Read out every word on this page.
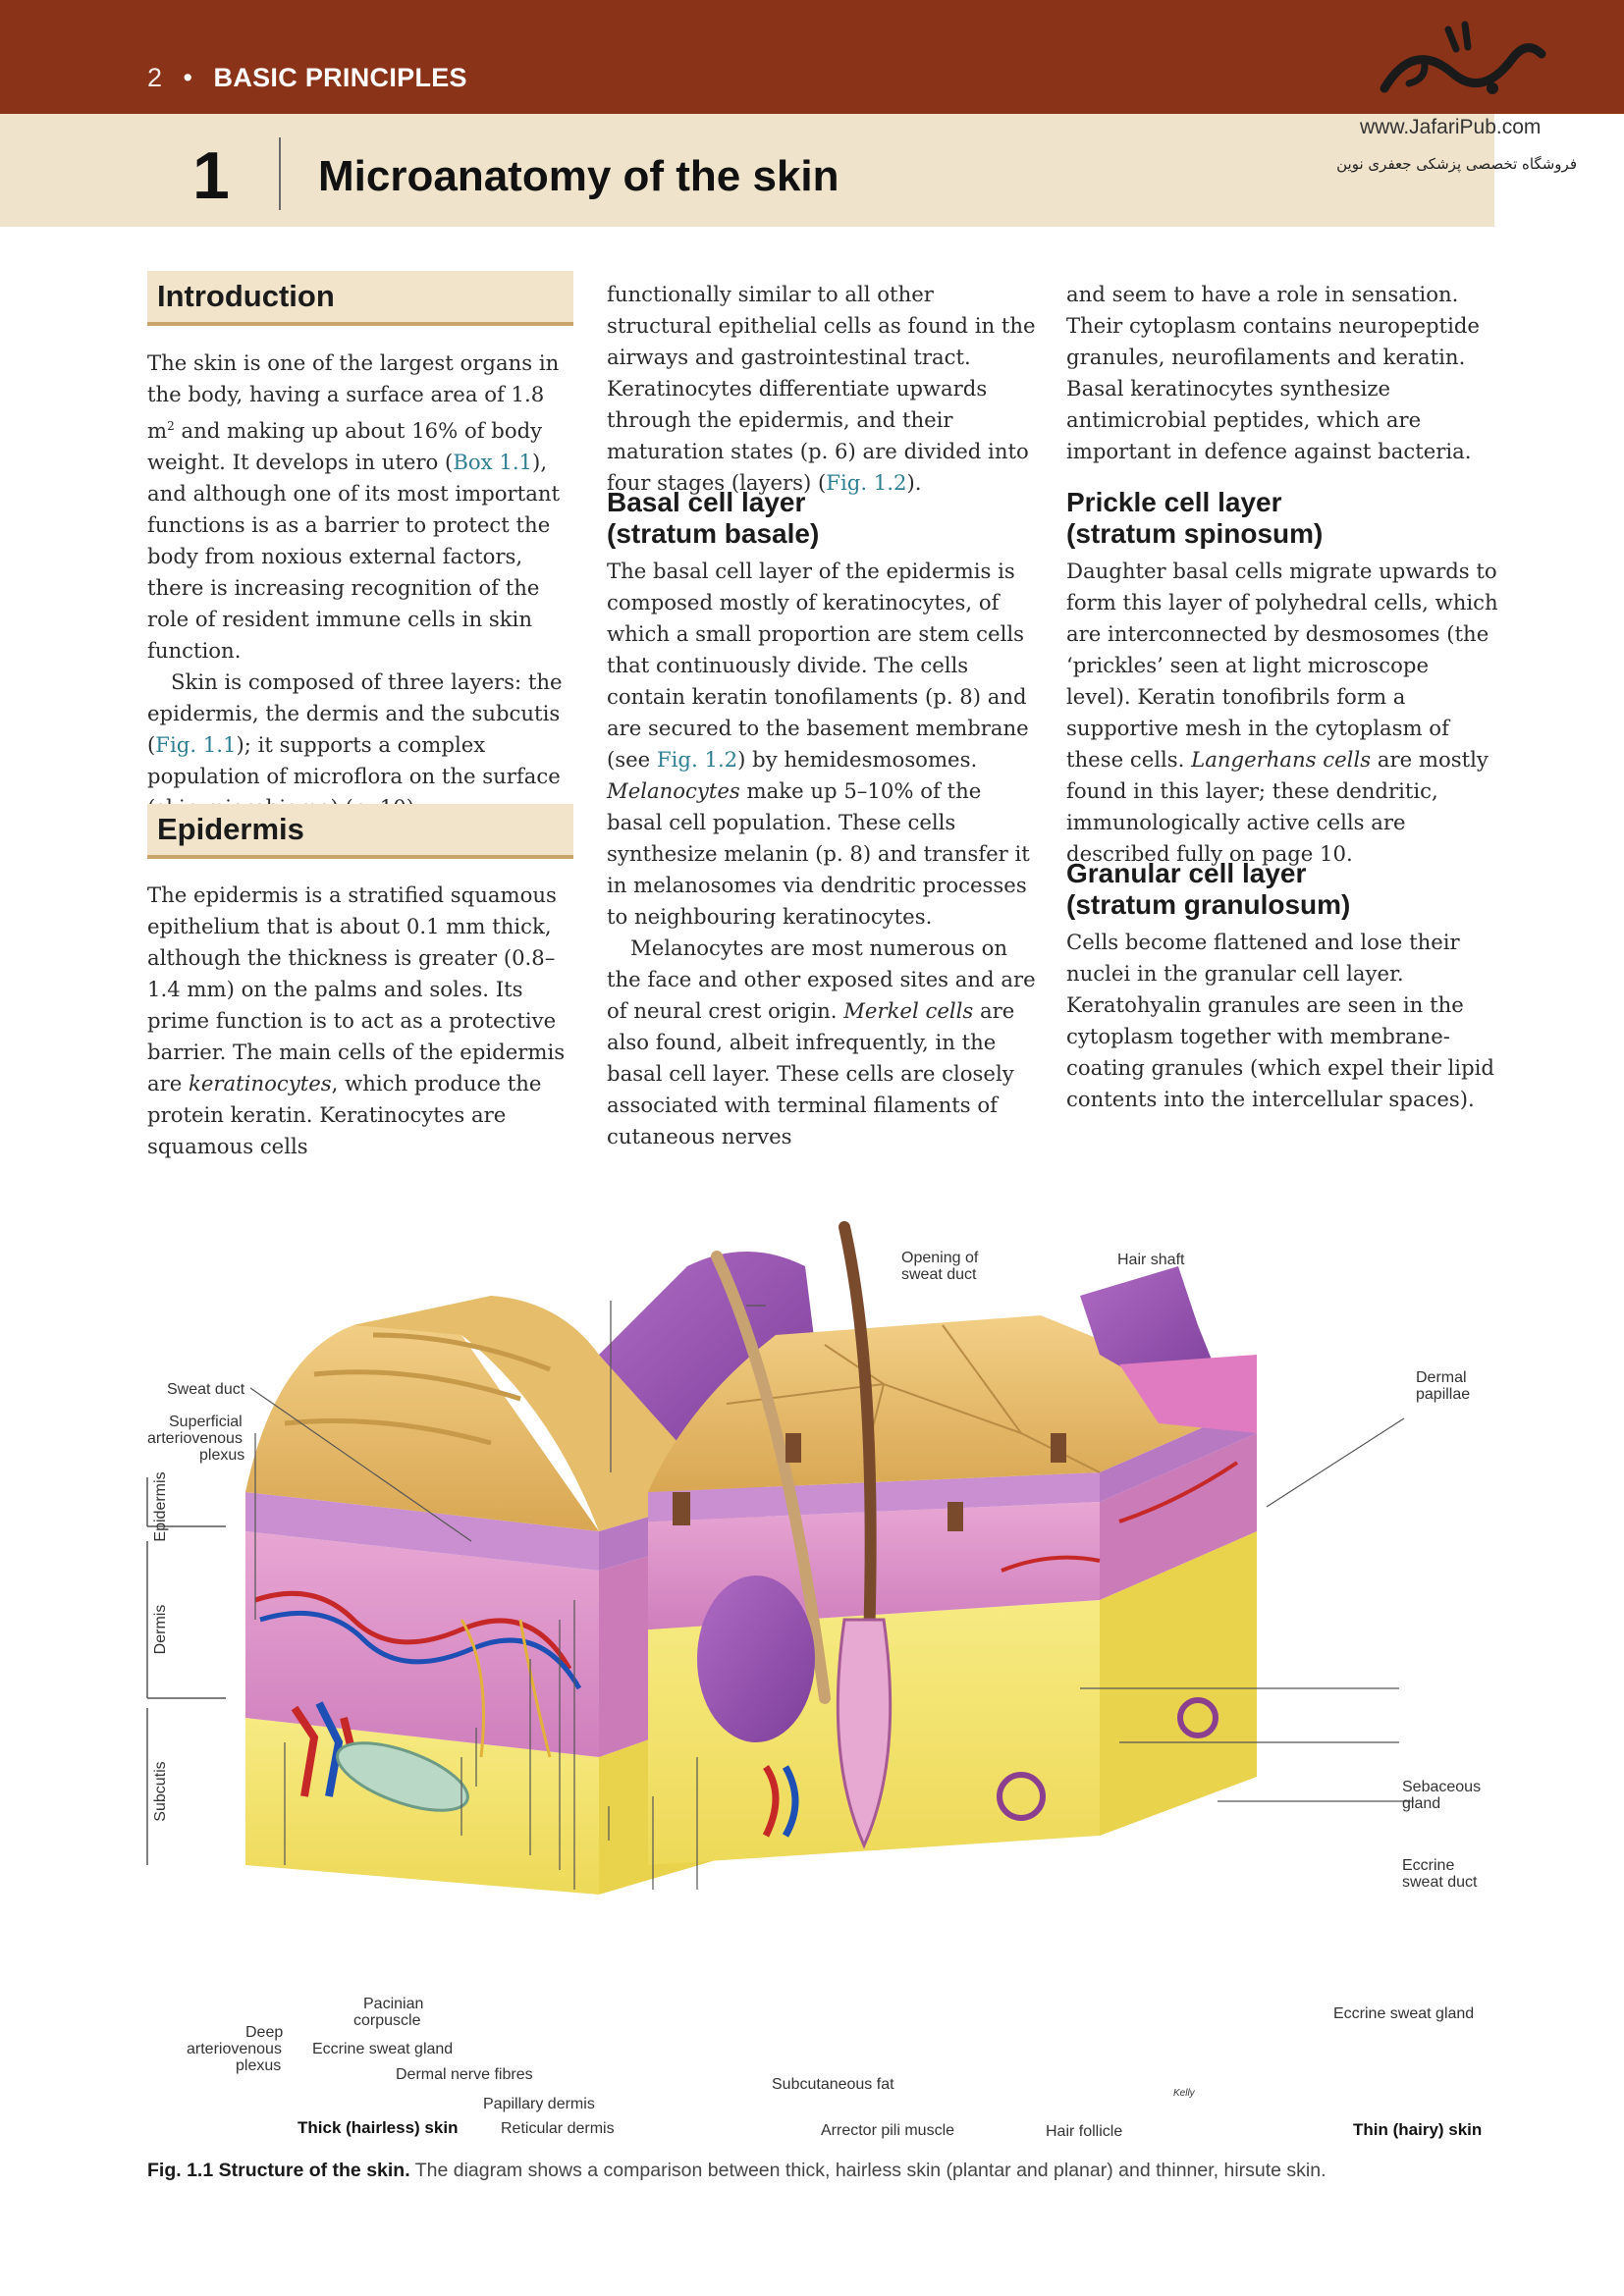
2 • BASIC PRINCIPLES
1 Microanatomy of the skin
www.JafariPub.com
فروشگاه تخصصی پزشکی جعفری نوین
Introduction

The skin is one of the largest organs in the body, having a surface area of 1.8 $m^2$ and making up about 16% of body weight. It develops in utero (Box 1.1), and although one of its most important functions is as a barrier to protect the body from noxious external factors, there is increasing recognition of the role of resident immune cells in skin function.

Skin is composed of three layers: the epidermis, the dermis and the subcutis (Fig. 1.1); it supports a complex population of microflora on the surface

Epidermis

The epidermis is a stratified squamous epithelium that is about 0.1 mm thick, although the thickness is greater (0.8–1.4 mm) on the palms and soles. Its prime function is to act as a protective barrier. The main cells of the epidermis are keratinocytes, which produce the protein keratin. Keratinocytes are squamous cells

functionally similar to all other structural epithelial cells as found in the airways and gastrointestinal tract. Keratinocytes differentiate upwards through the epidermis, and their maturation states (p. 6) are divided into four stages (layers) (Fig. 1.2).

Basal cell layer
(stratum basale)

The basal cell layer of the epidermis is composed mostly of keratinocytes, of which a small proportion are stem cells that continuously divide. The cells contain keratin tonofilaments (p. 8) and are secured to the basement membrane (see Fig. 1.2) by hemidesmosomes. Melanocytes make up 5–10% of the basal cell population. These cells synthesize melanin (p. 8) and transfer it in melanosomes via dendritic processes to neighbouring keratinocytes.

Melanocytes are most numerous on the face and other exposed sites and are of neural crest origin. Merkel cells are also found, albeit infrequently, in the basal cell layer. These cells are closely associated with terminal filaments of cutaneous nerves

and seem to have a role in sensation. Their cytoplasm contains neuropeptide granules, neurofilaments and keratin. Basal keratinocytes synthesize antimicrobial peptides, which are important in defence against bacteria.

Prickle cell layer
(stratum spinosum)

Daughter basal cells migrate upwards to form this layer of polyhedral cells, which are interconnected by desmosomes (the ‘prickles’ seen at light microscope level). Keratin tonofibrils form a supportive mesh in the cytoplasm of these cells. Langerhans cells are mostly found in this layer; these dendritic, immunologically active cells are described fully on page 10.

Granular cell layer
(stratum granulosum)

Cells become flattened and lose their nuclei in the granular cell layer. Keratohyalin granules are seen in the cytoplasm together with membrane-coating granules (which expel their lipid contents into the intercellular spaces).

Epidermis
Dermis
Subcutis
Sweat duct
Superficial
arteriovenous
plexus
Pacinian
corpuscle
Deep
arteriovenous
plexus
Eccrine sweat gland
Dermal nerve fibres
Papillary dermis
Reticular dermis
Thick (hairless) skin
Opening of
sweat duct
Hair shaft
Dermal
papillae
Sebaceous
gland
Eccrine
sweat duct
Eccrine sweat gland
Subcutaneous fat
Arrector pili muscle	Hair follicle	Thin (hairy) skin
Kelly
Fig. 1.1 Structure of the skin. The diagram shows a comparison between thick, hairless skin (plantar and planar) and thinner, hirsute skin.
